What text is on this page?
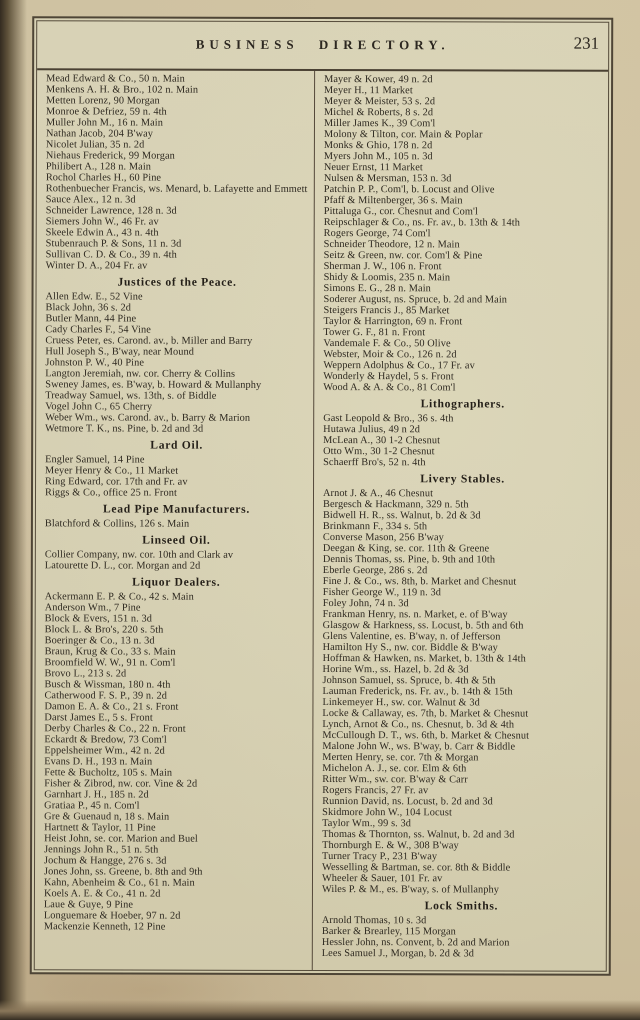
BUSINESS DIRECTORY.	231
Mead Edward & Co., 50 n. Main
Menkens A. H. & Bro., 102 n. Main
Metten Lorenz, 90 Morgan
Monroe & Defriez, 59 n. 4th
Muller John M., 16 n. Main
Nathan Jacob, 204 B'way
Nicolet Julian, 35 n. 2d
Niehaus Frederick, 99 Morgan
Philibert A., 128 n. Main
Rochol Charles H., 60 Pine
Rothenbuecher Francis, ws. Menard, b. Lafayette and Emmett
Sauce Alex., 12 n. 3d
Schneider Lawrence, 128 n. 3d
Siemers John W., 46 Fr. av
Skeele Edwin A., 43 n. 4th
Stubenrauch P. & Sons, 11 n. 3d
Sullivan C. D. & Co., 39 n. 4th
Winter D. A., 204 Fr. av
Justices of the Peace.
Allen Edw. E., 52 Vine
Black John, 36 s. 2d
Butler Mann, 44 Pine
Cady Charles F., 54 Vine
Cruess Peter, es. Carond. av., b. Miller and Barry
Hull Joseph S., B'way, near Mound
Johnston P. W., 40 Pine
Langton Jeremiah, nw. cor. Cherry & Collins
Sweney James, es. B'way, b. Howard & Mullanphy
Treadway Samuel, ws. 13th, s. of Biddle
Vogel John C., 65 Cherry
Weber Wm., ws. Carond. av., b. Barry & Marion
Wetmore T. K., ns. Pine, b. 2d and 3d
Lard Oil.
Engler Samuel, 14 Pine
Meyer Henry & Co., 11 Market
Ring Edward, cor. 17th and Fr. av
Riggs & Co., office 25 n. Front
Lead Pipe Manufacturers.
Blatchford & Collins, 126 s. Main
Linseed Oil.
Collier Company, nw. cor. 10th and Clark av
Latourette D. L., cor. Morgan and 2d
Liquor Dealers.
Ackermann E. P. & Co., 42 s. Main
Anderson Wm., 7 Pine
Block & Evers, 151 n. 3d
Block L. & Bro's, 220 s. 5th
Boeringer & Co., 13 n. 3d
Braun, Krug & Co., 33 s. Main
Broomfield W. W., 91 n. Com'l
Brovo L., 213 s. 2d
Busch & Wissman, 180 n. 4th
Catherwood F. S. P., 39 n. 2d
Damon E. A. & Co., 21 s. Front
Darst James E., 5 s. Front
Derby Charles & Co., 22 n. Front
Eckardt & Bredow, 73 Com'l
Eppelsheimer Wm., 42 n. 2d
Evans D. H., 193 n. Main
Fette & Bucholtz, 105 s. Main
Fisher & Zibrod, nw. cor. Vine & 2d
Garnhart J. H., 185 n. 2d
Gratiaa P., 45 n. Com'l
Gre & Guenaud n, 18 s. Main
Hartnett & Taylor, 11 Pine
Heist John, se. cor. Marion and Buel
Jennings John R., 51 n. 5th
Jochum & Hangge, 276 s. 3d
Jones John, ss. Greene, b. 8th and 9th
Kahn, Abenheim & Co., 61 n. Main
Koels A. E. & Co., 41 n. 2d
Laue & Guye, 9 Pine
Longuemare & Hoeber, 97 n. 2d
Mackenzie Kenneth, 12 Pine
Mayer & Kower, 49 n. 2d
Meyer H., 11 Market
Meyer & Meister, 53 s. 2d
Michel & Roberts, 8 s. 2d
Miller James K., 39 Com'l
Molony & Tilton, cor. Main & Poplar
Monks & Ghio, 178 n. 2d
Myers John M., 105 n. 3d
Neuer Ernst, 11 Market
Nulsen & Mersman, 153 n. 3d
Patchin P. P., Com'l, b. Locust and Olive
Pfaff & Miltenberger, 36 s. Main
Pittaluga G., cor. Chesnut and Com'l
Reipschlager & Co., ns. Fr. av., b. 13th & 14th
Rogers George, 74 Com'l
Schneider Theodore, 12 n. Main
Seitz & Green, nw. cor. Com'l & Pine
Sherman J. W., 106 n. Front
Shidy & Loomis, 235 n. Main
Simons E. G., 28 n. Main
Soderer August, ns. Spruce, b. 2d and Main
Steigers Francis J., 85 Market
Taylor & Harrington, 69 n. Front
Tower G. F., 81 n. Front
Vandemale F. & Co., 50 Olive
Webster, Moir & Co., 126 n. 2d
Weppern Adolphus & Co., 17 Fr. av
Wonderly & Haydel, 5 s. Front
Wood A. & A. & Co., 81 Com'l
Lithographers.
Gast Leopold & Bro., 36 s. 4th
Hutawa Julius, 49 n 2d
McLean A., 30 1-2 Chesnut
Otto Wm., 30 1-2 Chesnut
Schaerff Bro's, 52 n. 4th
Livery Stables.
Arnot J. & A., 46 Chesnut
Bergesch & Hackmann, 329 n. 5th
Bidwell H. R., ss. Walnut, b. 2d & 3d
Brinkmann F., 334 s. 5th
Converse Mason, 256 B'way
Deegan & King, se. cor. 11th & Greene
Dennis Thomas, ss. Pine, b. 9th and 10th
Eberle George, 286 s. 2d
Fine J. & Co., ws. 8th, b. Market and Chesnut
Fisher George W., 119 n. 3d
Foley John, 74 n. 3d
Frankman Henry, ns. n. Market, e. of B'way
Glasgow & Harkness, ss. Locust, b. 5th and 6th
Glens Valentine, es. B'way, n. of Jefferson
Hamilton Hy S., nw. cor. Biddle & B'way
Hoffman & Hawken, ns. Market, b. 13th & 14th
Horine Wm., ss. Hazel, b. 2d & 3d
Johnson Samuel, ss. Spruce, b. 4th & 5th
Lauman Frederick, ns. Fr. av., b. 14th & 15th
Linkemeyer H., sw. cor. Walnut & 3d
Locke & Callaway, es. 7th, b. Market & Chesnut
Lynch, Arnot & Co., ns. Chesnut, b. 3d & 4th
McCullough D. T., ws. 6th, b. Market & Chesnut
Malone John W., ws. B'way, b. Carr & Biddle
Merten Henry, se. cor. 7th & Morgan
Michelon A. J., se. cor. Elm & 6th
Ritter Wm., sw. cor. B'way & Carr
Rogers Francis, 27 Fr. av
Runnion David, ns. Locust, b. 2d and 3d
Skidmore John W., 104 Locust
Taylor Wm., 99 s. 3d
Thomas & Thornton, ss. Walnut, b. 2d and 3d
Thornburgh E. & W., 308 B'way
Turner Tracy P., 231 B'way
Wesselling & Bartman, se. cor. 8th & Biddle
Wheeler & Sauer, 101 Fr. av
Wiles P. & M., es. B'way, s. of Mullanphy
Lock Smiths.
Arnold Thomas, 10 s. 3d
Barker & Brearley, 115 Morgan
Hessler John, ns. Convent, b. 2d and Marion
Lees Samuel J., Morgan, b. 2d & 3d
